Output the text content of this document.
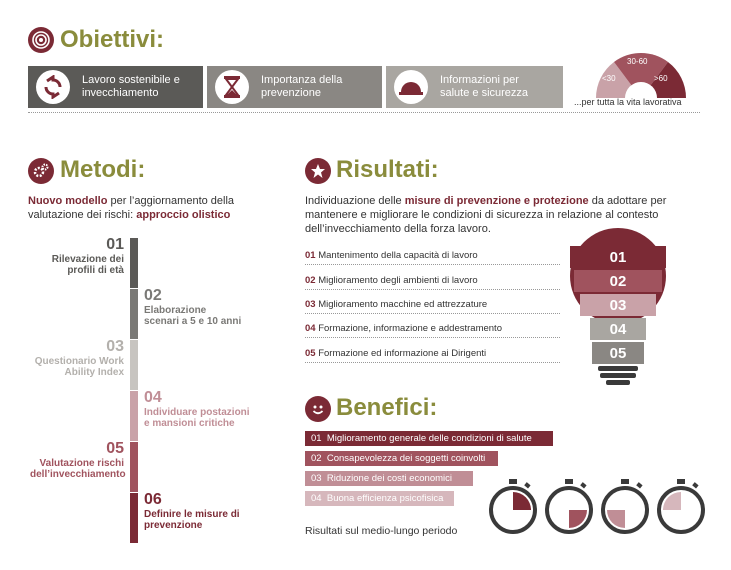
Obiettivi:
Lavoro sostenibile e invecchiamento
Importanza della prevenzione
Informazioni per salute e sicurezza
<30
30-60
>60
...per tutta la vita lavorativa
Metodi:
Nuovo modello per l’aggiornamento della valutazione dei rischi: approccio olistico
01
Rilevazione dei profili di età
02
Elaborazione scenari a 5 e 10 anni
03
Questionario Work Ability Index
04
Individuare postazioni e mansioni critiche
05
Valutazione rischi dell’invecchiamento
06
Definire le misure di prevenzione
Risultati:
Individuazione delle misure di prevenzione e protezione da adottare per mantenere e migliorare le condizioni di sicurezza in relazione al contesto dell’invecchiamento della forza lavoro.
01 Mantenimento della capacità di lavoro
02 Miglioramento degli ambienti di lavoro
03 Miglioramento macchine ed attrezzature
04 Formazione, informazione e addestramento
05 Formazione ed informazione ai Dirigenti
01
02
03
04
05
Benefici:
01
Miglioramento generale delle condizioni di salute
02
Consapevolezza dei soggetti coinvolti
03
Riduzione dei costi economici
04
Buona efficienza psicofisica
Risultati sul medio-lungo periodo
